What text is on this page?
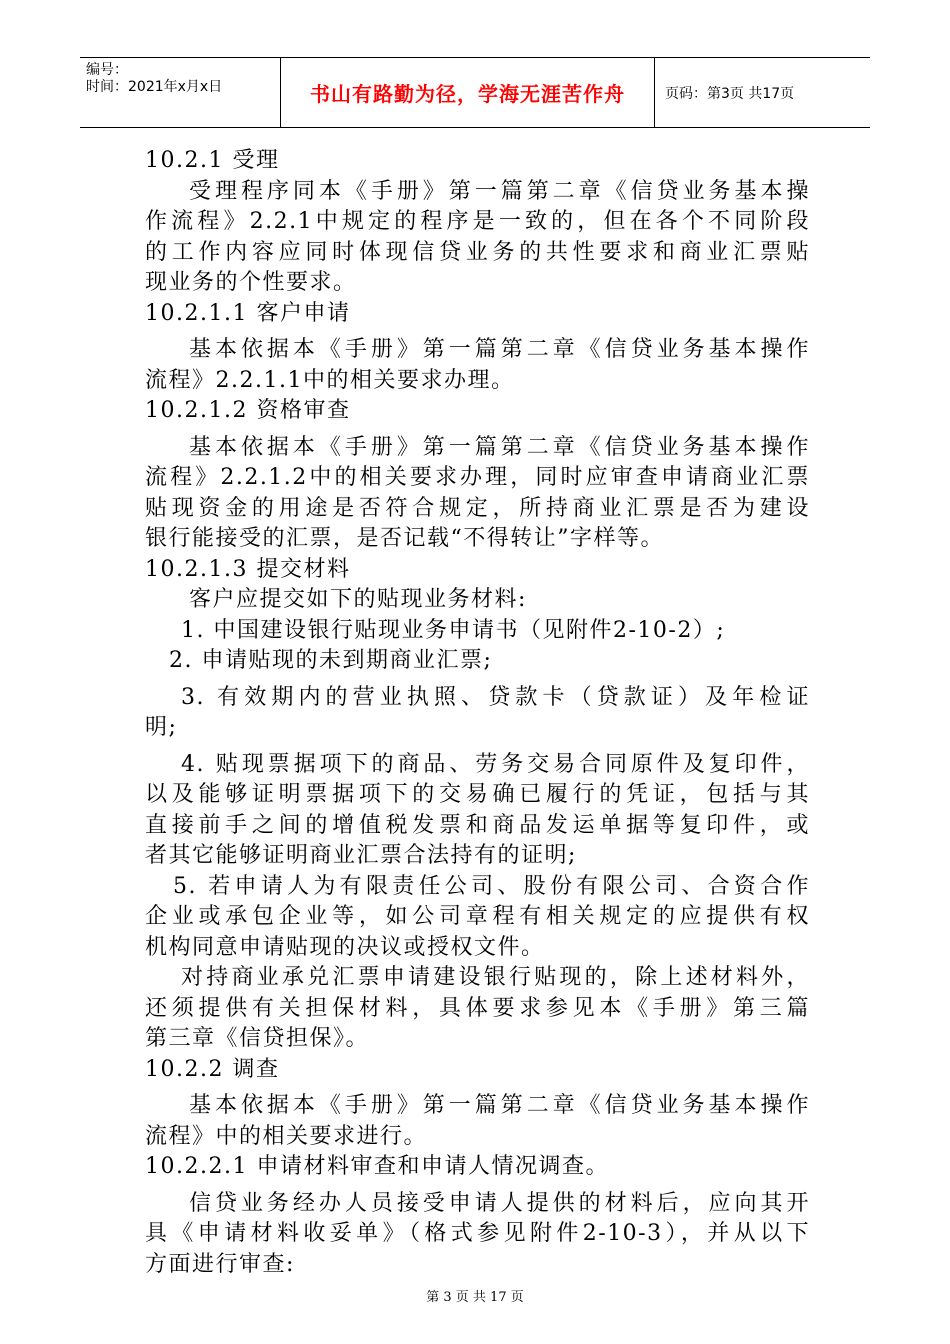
编号：
时间：2021年x月x日	书山有路勤为径，学海无涯苦作舟	页码：第3页 共17页

10.2.1 受理

受理程序同本《手册》第一篇第二章《信贷业务基本操

作流程》2.2.1中规定的程序是一致的，但在各个不同阶段

的工作内容应同时体现信贷业务的共性要求和商业汇票贴

现业务的个性要求。

10.2.1.1 客户申请

基本依据本《手册》第一篇第二章《信贷业务基本操作

流程》2.2.1.1中的相关要求办理。

10.2.1.2 资格审查

基本依据本《手册》第一篇第二章《信贷业务基本操作

流程》2.2.1.2中的相关要求办理，同时应审查申请商业汇票

贴现资金的用途是否符合规定，所持商业汇票是否为建设

银行能接受的汇票，是否记载“不得转让”字样等。

10.2.1.3 提交材料

客户应提交如下的贴现业务材料:

1. 中国建设银行贴现业务申请书（见附件2-10-2）;

2. 申请贴现的未到期商业汇票;

3. 有效期内的营业执照、贷款卡（贷款证）及年检证

明;

4. 贴现票据项下的商品、劳务交易合同原件及复印件，

以及能够证明票据项下的交易确已履行的凭证，包括与其

直接前手之间的增值税发票和商品发运单据等复印件，或

者其它能够证明商业汇票合法持有的证明;

5. 若申请人为有限责任公司、股份有限公司、合资合作

企业或承包企业等，如公司章程有相关规定的应提供有权

机构同意申请贴现的决议或授权文件。

对持商业承兑汇票申请建设银行贴现的，除上述材料外，

还须提供有关担保材料，具体要求参见本《手册》第三篇

第三章《信贷担保》。

10.2.2 调查

基本依据本《手册》第一篇第二章《信贷业务基本操作

流程》中的相关要求进行。

10.2.2.1 申请材料审查和申请人情况调查。

信贷业务经办人员接受申请人提供的材料后，应向其开

具《申请材料收妥单》（格式参见附件2-10-3），并从以下

方面进行审查:

第 3 页 共 17 页
